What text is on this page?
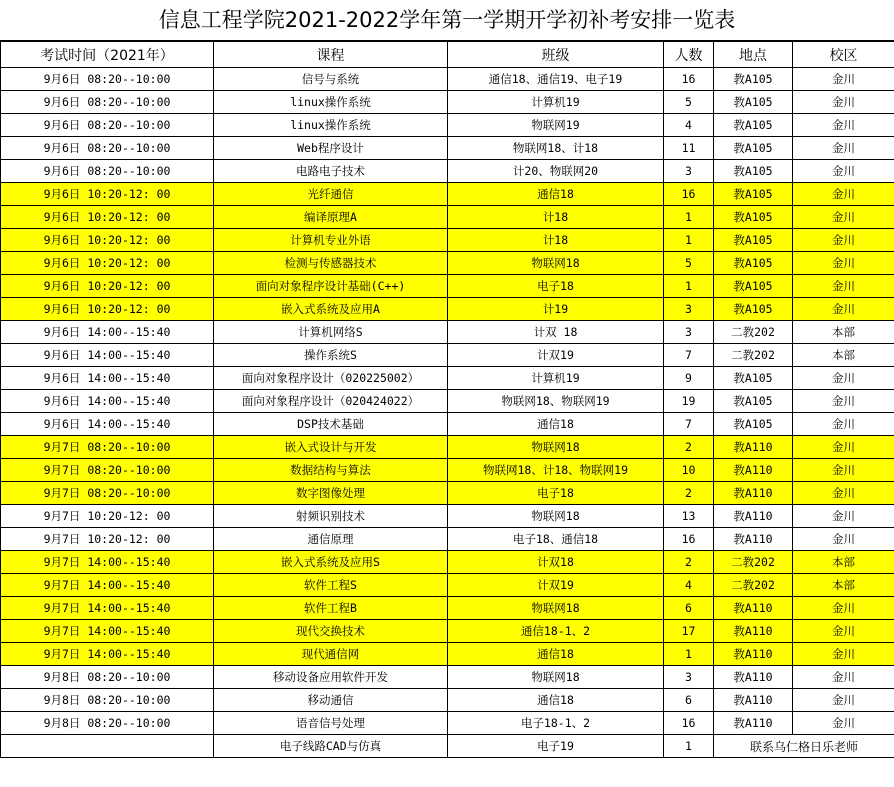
信息工程学院2021-2022学年第一学期开学初补考安排一览表
考试时间（2021年）	课程	班级	人数	地点	校区
9月6日 08:20--10:00	信号与系统	通信18、通信19、电子19	16	教A105	金川
9月6日 08:20--10:00	linux操作系统	计算机19	5	教A105	金川
9月6日 08:20--10:00	linux操作系统	物联网19	4	教A105	金川
9月6日 08:20--10:00	Web程序设计	物联网18、计18	11	教A105	金川
9月6日 08:20--10:00	电路电子技术	计20、物联网20	3	教A105	金川
9月6日 10:20-12: 00	光纤通信	通信18	16	教A105	金川
9月6日 10:20-12: 00	编译原理A	计18	1	教A105	金川
9月6日 10:20-12: 00	计算机专业外语	计18	1	教A105	金川
9月6日 10:20-12: 00	检测与传感器技术	物联网18	5	教A105	金川
9月6日 10:20-12: 00	面向对象程序设计基础(C++)	电子18	1	教A105	金川
9月6日 10:20-12: 00	嵌入式系统及应用A	计19	3	教A105	金川
9月6日 14:00--15:40	计算机网络S	计双 18	3	二教202	本部
9月6日 14:00--15:40	操作系统S	计双19	7	二教202	本部
9月6日 14:00--15:40	面向对象程序设计（020225002）	计算机19	9	教A105	金川
9月6日 14:00--15:40	面向对象程序设计（020424022）	物联网18、物联网19	19	教A105	金川
9月6日 14:00--15:40	DSP技术基础	通信18	7	教A105	金川
9月7日 08:20--10:00	嵌入式设计与开发	物联网18	2	教A110	金川
9月7日 08:20--10:00	数据结构与算法	物联网18、计18、物联网19	10	教A110	金川
9月7日 08:20--10:00	数字图像处理	电子18	2	教A110	金川
9月7日 10:20-12: 00	射频识别技术	物联网18	13	教A110	金川
9月7日 10:20-12: 00	通信原理	电子18、通信18	16	教A110	金川
9月7日 14:00--15:40	嵌入式系统及应用S	计双18	2	二教202	本部
9月7日 14:00--15:40	软件工程S	计双19	4	二教202	本部
9月7日 14:00--15:40	软件工程B	物联网18	6	教A110	金川
9月7日 14:00--15:40	现代交换技术	通信18-1、2	17	教A110	金川
9月7日 14:00--15:40	现代通信网	通信18	1	教A110	金川
9月8日 08:20--10:00	移动设备应用软件开发	物联网18	3	教A110	金川
9月8日 08:20--10:00	移动通信	通信18	6	教A110	金川
9月8日 08:20--10:00	语音信号处理	电子18-1、2	16	教A110	金川
	电子线路CAD与仿真	电子19	1	联系乌仁格日乐老师	
